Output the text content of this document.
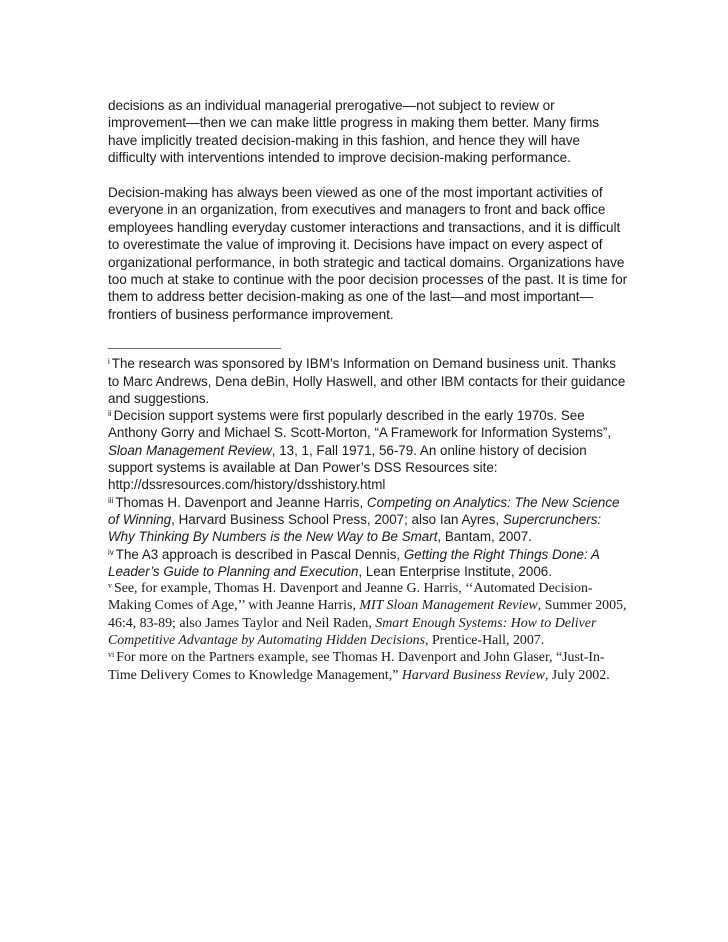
decisions as an individual managerial prerogative—not subject to review or improvement—then we can make little progress in making them better. Many firms have implicitly treated decision-making in this fashion, and hence they will have difficulty with interventions intended to improve decision-making performance.

Decision-making has always been viewed as one of the most important activities of everyone in an organization, from executives and managers to front and back office employees handling everyday customer interactions and transactions, and it is difficult to overestimate the value of improving it. Decisions have impact on every aspect of organizational performance, in both strategic and tactical domains. Organizations have too much at stake to continue with the poor decision processes of the past. It is time for them to address better decision-making as one of the last—and most important—frontiers of business performance improvement.

$^i$ The research was sponsored by IBM’s Information on Demand business unit. Thanks to Marc Andrews, Dena deBin, Holly Haswell, and other IBM contacts for their guidance and suggestions.

$^{ii}$ Decision support systems were first popularly described in the early 1970s. See Anthony Gorry and Michael S. Scott-Morton, “A Framework for Information Systems”, Sloan Management Review, 13, 1, Fall 1971, 56-79. An online history of decision support systems is available at Dan Power’s DSS Resources site: http://dssresources.com/history/dsshistory.html

$^{iii}$ Thomas H. Davenport and Jeanne Harris, Competing on Analytics: The New Science of Winning, Harvard Business School Press, 2007; also Ian Ayres, Supercrunchers: Why Thinking By Numbers is the New Way to Be Smart, Bantam, 2007.

$^{iv}$ The A3 approach is described in Pascal Dennis, Getting the Right Things Done: A Leader’s Guide to Planning and Execution, Lean Enterprise Institute, 2006.

$^v$ See, for example, Thomas H. Davenport and Jeanne G. Harris, ‘‘Automated Decision-Making Comes of Age,’’ with Jeanne Harris, MIT Sloan Management Review, Summer 2005, 46:4, 83-89; also James Taylor and Neil Raden, Smart Enough Systems: How to Deliver Competitive Advantage by Automating Hidden Decisions, Prentice-Hall, 2007.

$^{vi}$ For more on the Partners example, see Thomas H. Davenport and John Glaser, “Just-In-Time Delivery Comes to Knowledge Management,” Harvard Business Review, July 2002.
